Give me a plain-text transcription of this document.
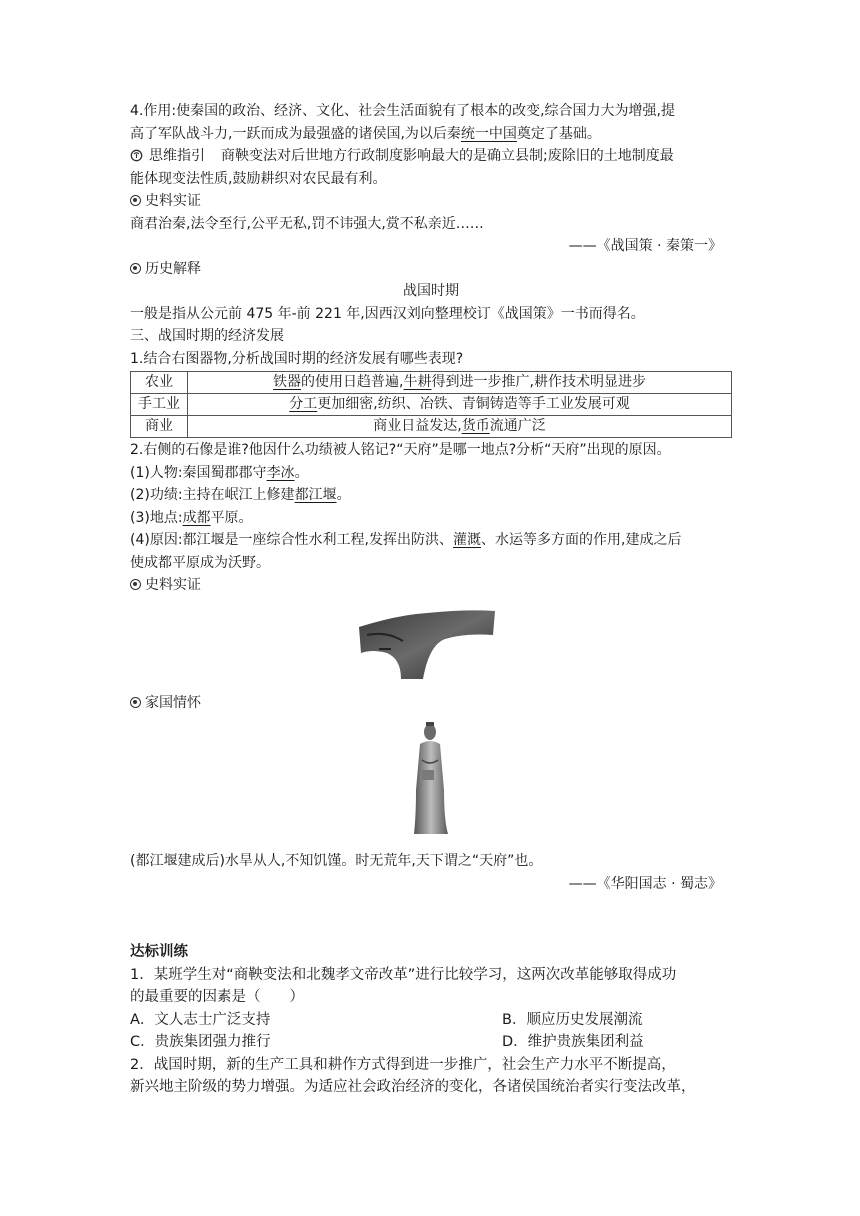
4.作用:使秦国的政治、经济、文化、社会生活面貌有了根本的改变,综合国力大为增强,提

高了军队战斗力,一跃而成为最强盛的诸侯国,为以后秦统一中国奠定了基础。

思维指引 商鞅变法对后世地方行政制度影响最大的是确立县制;废除旧的土地制度最

能体现变法性质,鼓励耕织对农民最有利。

史料实证

商君治秦,法令至行,公平无私,罚不讳强大,赏不私亲近……

——《战国策 · 秦策一》

历史解释

战国时期

一般是指从公元前 475 年-前 221 年,因西汉刘向整理校订《战国策》一书而得名。

三、战国时期的经济发展

1.结合右图器物,分析战国时期的经济发展有哪些表现?

农业	铁器的使用日趋普遍,牛耕得到进一步推广,耕作技术明显进步
手工业	分工更加细密,纺织、冶铁、青铜铸造等手工业发展可观
商业	商业日益发达,货币流通广泛

2.右侧的石像是谁?他因什么功绩被人铭记?“天府”是哪一地点?分析“天府”出现的原因。

(1)人物:秦国蜀郡郡守李冰。

(2)功绩:主持在岷江上修建都江堰。

(3)地点:成都平原。

(4)原因:都江堰是一座综合性水利工程,发挥出防洪、灌溉、水运等多方面的作用,建成之后

使成都平原成为沃野。

史料实证

家国情怀

(都江堰建成后)水旱从人,不知饥馑。时无荒年,天下谓之“天府”也。

——《华阳国志 · 蜀志》

达标训练

1．某班学生对“商鞅变法和北魏孝文帝改革”进行比较学习，这两次改革能够取得成功

的最重要的因素是（　　）

A．文人志士广泛支持	B．顺应历史发展潮流

C．贵族集团强力推行	D．维护贵族集团利益

2．战国时期，新的生产工具和耕作方式得到进一步推广，社会生产力水平不断提高，

新兴地主阶级的势力增强。为适应社会政治经济的变化，各诸侯国统治者实行变法改革，
